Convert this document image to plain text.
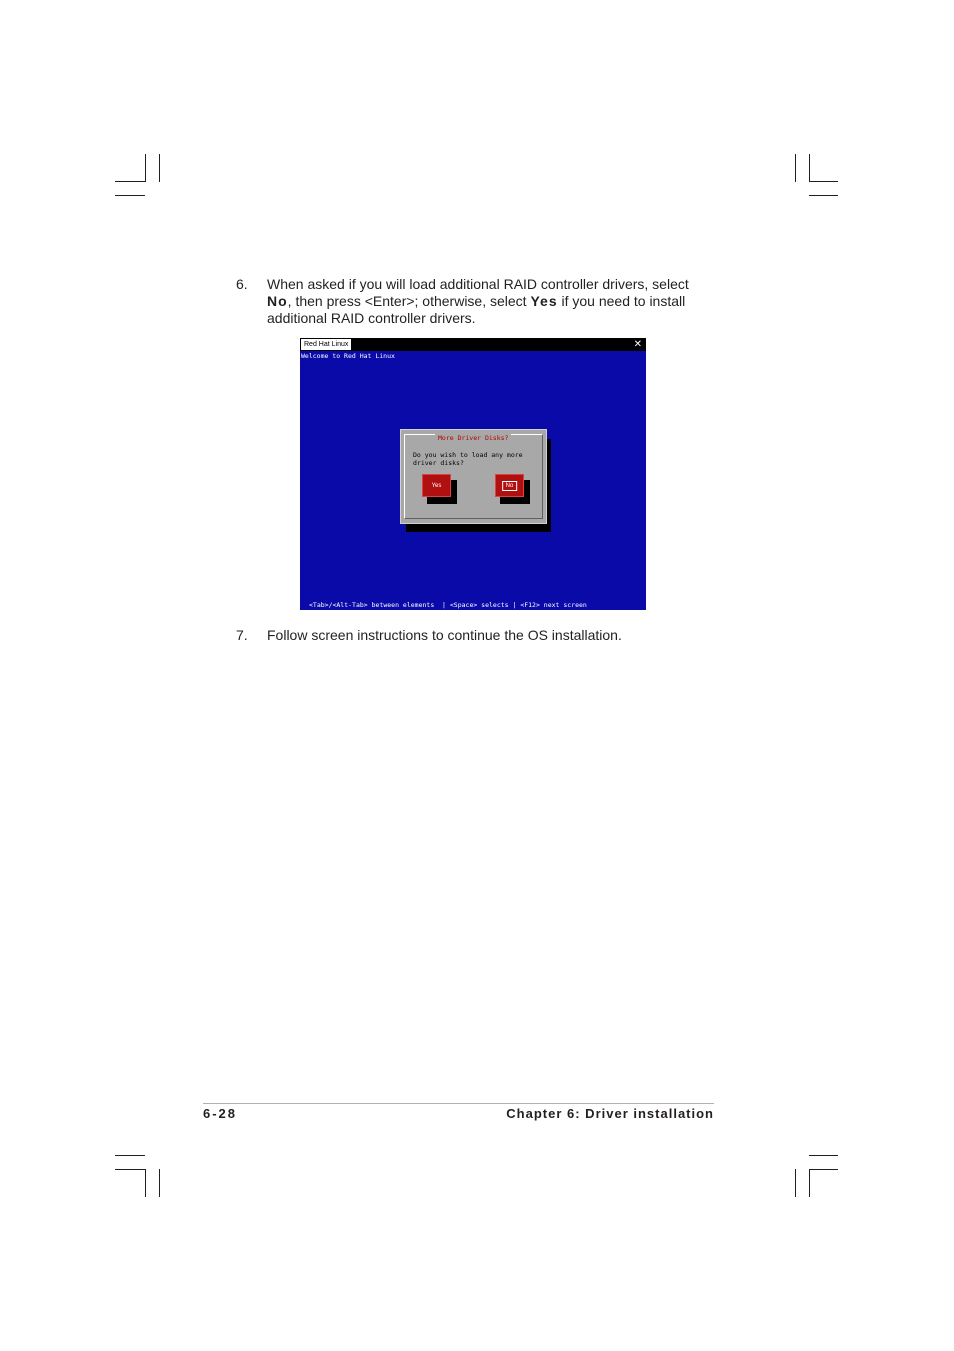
6. When asked if you will load additional RAID controller drivers, select
No, then press <Enter>; otherwise, select Yes if you need to install
additional RAID controller drivers.
Red Hat Linux	✕
Welcome to Red Hat Linux
More Driver Disks?
Do you wish to load any more
driver disks?
Yes	No
<Tab>/<Alt-Tab> between elements  | <Space> selects | <F12> next screen
7. Follow screen instructions to continue the OS installation.
6-28	Chapter 6: Driver installation
